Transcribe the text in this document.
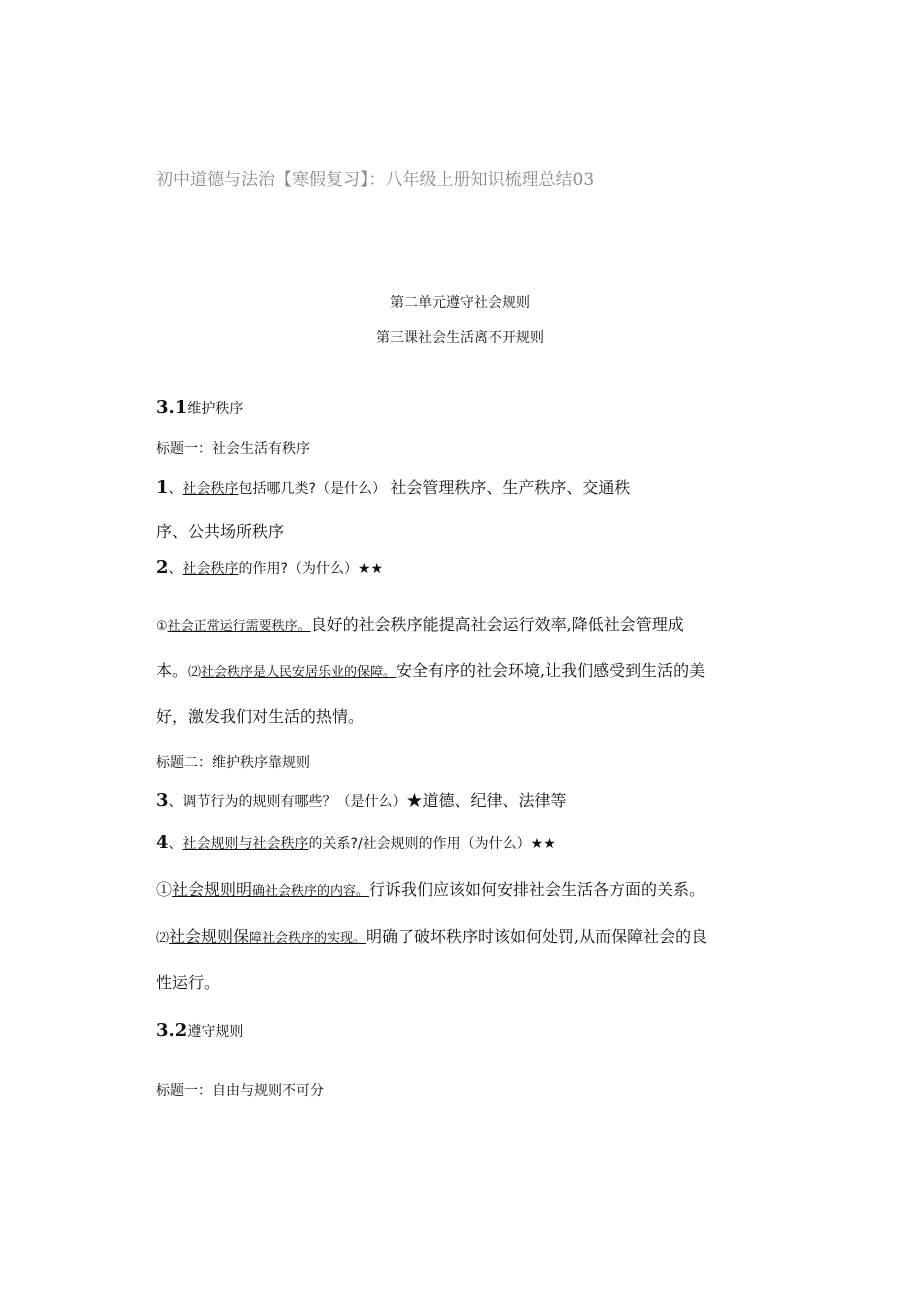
初中道德与法治【寒假复习】：八年级上册知识梳理总结03
第二单元遵守社会规则
第三课社会生活离不开规则
3.1维护秩序
标题一：社会生活有秩序
1、社会秩序包括哪几类?（是什么） 社会管理秩序、生产秩序、交通秩
序、公共场所秩序
2、社会秩序的作用?（为什么）★★
①社会正常运行需要秩序。良好的社会秩序能提高社会运行效率,降低社会管理成
本。⑵社会秩序是人民安居乐业的保障。安全有序的社会环境,让我们感受到生活的美
好，激发我们对生活的热情。
标题二：维护秩序靠规则
3、调节行为的规则有哪些？（是什么）★道德、纪律、法律等
4、社会规则与社会秩序的关系?/社会规则的作用（为什么）★★
①社会规则明确社会秩序的内容。行诉我们应该如何安排社会生活各方面的关系。
⑵社会规则保障社会秩序的实现。明确了破坏秩序时该如何处罚,从而保障社会的良
性运行。
3.2遵守规则
标题一：自由与规则不可分
